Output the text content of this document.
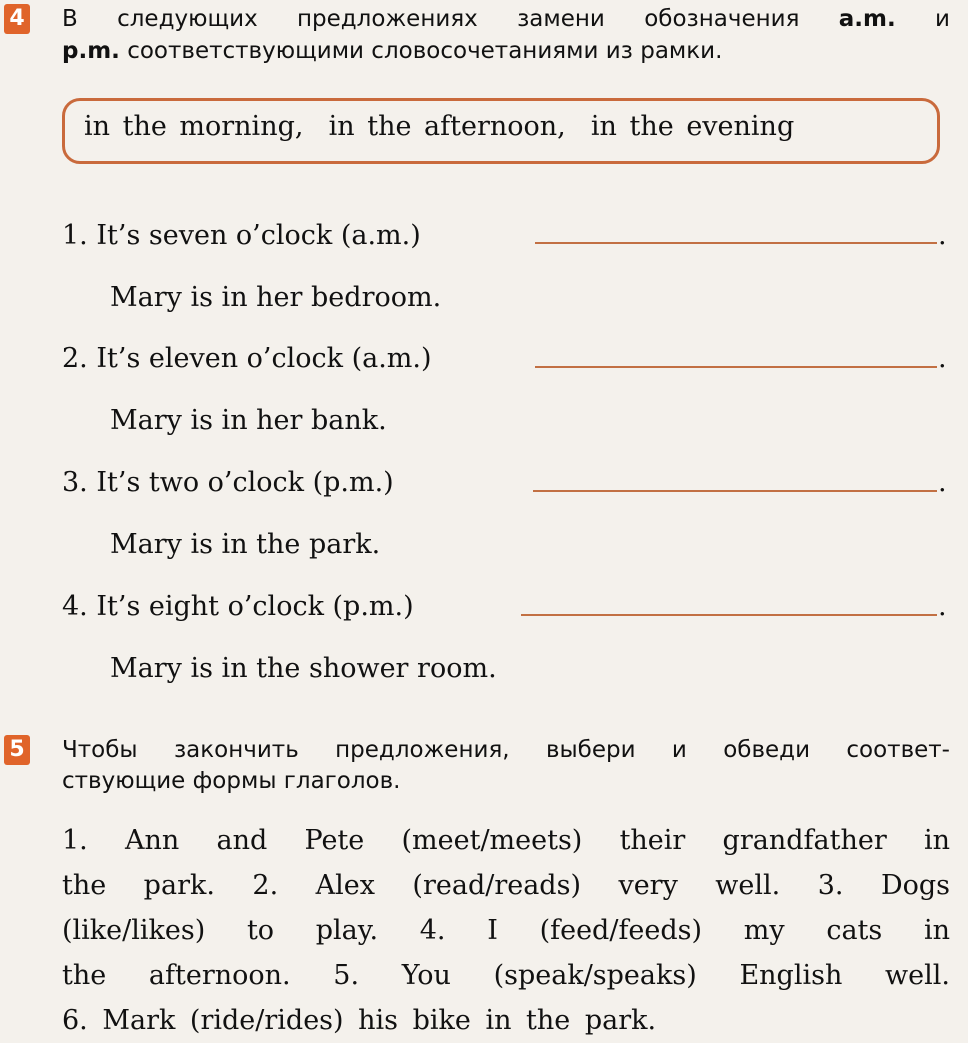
4 В следующих предложениях замени обозначения a.m. и
p.m. соответствующими словосочетаниями из рамки.
in the morning, in the afternoon, in the evening
1. It’s seven o’clock (a.m.)	.
Mary is in her bedroom.
2. It’s eleven o’clock (a.m.)	.
Mary is in her bank.
3. It’s two o’clock (p.m.)	.
Mary is in the park.
4. It’s eight o’clock (p.m.)	.
Mary is in the shower room.
5 Чтобы закончить предложения, выбери и обведи соответ-
ствующие формы глаголов.
1. Ann and Pete (meet/meets) their grandfather in
the park. 2. Alex (read/reads) very well. 3. Dogs
(like/likes) to play. 4. I (feed/feeds) my cats in
the afternoon. 5. You (speak/speaks) English well.
6. Mark (ride/rides) his bike in the park.
